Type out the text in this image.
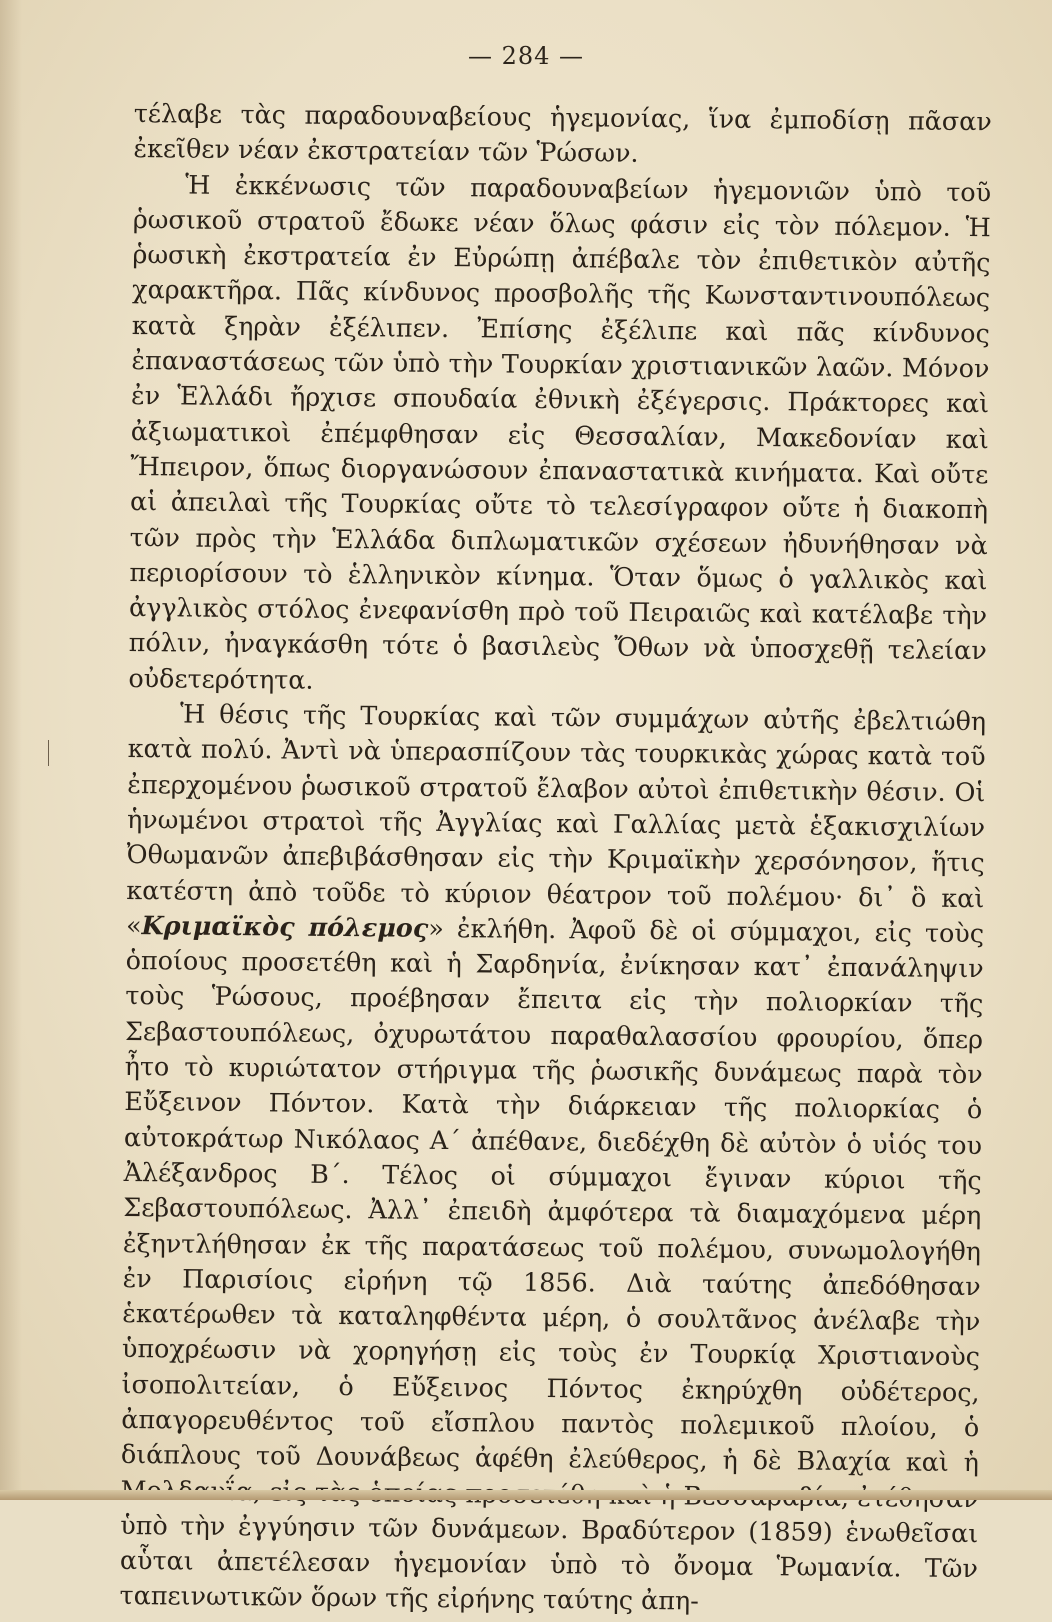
— 284 —

τέλαβε τὰς παραδουναβείους ἡγεμονίας, ἵνα ἐμποδίσῃ πᾶσαν ἐκεῖθεν νέαν ἐκστρατείαν τῶν Ῥώσων.

Ἡ ἐκκένωσις τῶν παραδουναβείων ἡγεμονιῶν ὑπὸ τοῦ ῥωσικοῦ στρατοῦ ἔδωκε νέαν ὅλως φάσιν εἰς τὸν πόλεμον. Ἡ ῥωσικὴ ἐκστρατεία ἐν Εὐρώπῃ ἀπέβαλε τὸν ἐπιθετικὸν αὐτῆς χαρακτῆρα. Πᾶς κίνδυνος προσβολῆς τῆς Κωνσταντινουπόλεως κατὰ ξηρὰν ἐξέλιπεν. Ἐπίσης ἐξέλιπε καὶ πᾶς κίνδυνος ἐπαναστάσεως τῶν ὑπὸ τὴν Τουρκίαν χριστιανικῶν λαῶν. Μόνον ἐν Ἑλλάδι ἤρχισε σπουδαία ἐθνικὴ ἐξέγερσις. Πράκτορες καὶ ἀξιωματικοὶ ἐπέμφθησαν εἰς Θεσσαλίαν, Μακεδονίαν καὶ Ἤπειρον, ὅπως διοργανώσουν ἐπαναστατικὰ κινήματα. Καὶ οὔτε αἱ ἀπειλαὶ τῆς Τουρκίας οὔτε τὸ τελεσίγραφον οὔτε ἡ διακοπὴ τῶν πρὸς τὴν Ἑλλάδα διπλωματικῶν σχέσεων ἠδυνήθησαν νὰ περιορίσουν τὸ ἑλληνικὸν κίνημα. Ὅταν ὅμως ὁ γαλλικὸς καὶ ἀγγλικὸς στόλος ἐνεφανίσθη πρὸ τοῦ Πειραιῶς καὶ κατέλαβε τὴν πόλιν, ἠναγκάσθη τότε ὁ βασιλεὺς Ὄθων νὰ ὑποσχεθῇ τελείαν οὐδετερότητα.

Ἡ θέσις τῆς Τουρκίας καὶ τῶν συμμάχων αὐτῆς ἐβελτιώθη κατὰ πολύ. Ἀντὶ νὰ ὑπερασπίζουν τὰς τουρκικὰς χώρας κατὰ τοῦ ἐπερχομένου ῥωσικοῦ στρατοῦ ἔλαβον αὐτοὶ ἐπιθετικὴν θέσιν. Οἱ ἡνωμένοι στρατοὶ τῆς Ἀγγλίας καὶ Γαλλίας μετὰ ἑξακισχιλίων Ὀθωμανῶν ἀπεβιβάσθησαν εἰς τὴν Κριμαϊκὴν χερσόνησον, ἥτις κατέστη ἀπὸ τοῦδε τὸ κύριον θέατρον τοῦ πολέμου· δι᾽ ὃ καὶ «Κριμαϊκὸς πόλεμος» ἐκλήθη. Ἀφοῦ δὲ οἱ σύμμαχοι, εἰς τοὺς ὁποίους προσετέθη καὶ ἡ Σαρδηνία, ἐνίκησαν κατ᾽ ἐπανάληψιν τοὺς Ῥώσους, προέβησαν ἔπειτα εἰς τὴν πολιορκίαν τῆς Σεβαστουπόλεως, ὀχυρωτάτου παραθαλασσίου φρουρίου, ὅπερ ἦτο τὸ κυριώτατον στήριγμα τῆς ῥωσικῆς δυνάμεως παρὰ τὸν Εὔξεινον Πόντον. Κατὰ τὴν διάρκειαν τῆς πολιορκίας ὁ αὐτοκράτωρ Νικόλαος Α΄ ἀπέθανε, διεδέχθη δὲ αὐτὸν ὁ υἱός του Ἀλέξανδρος Β΄. Τέλος οἱ σύμμαχοι ἔγιναν κύριοι τῆς Σεβαστουπόλεως. Ἀλλ᾽ ἐπειδὴ ἀμφότερα τὰ διαμαχόμενα μέρη ἐξηντλήθησαν ἐκ τῆς παρατάσεως τοῦ πολέμου, συνωμολογήθη ἐν Παρισίοις εἰρήνη τῷ 1856. Διὰ ταύτης ἀπεδόθησαν ἑκατέρωθεν τὰ καταληφθέντα μέρη, ὁ σουλτᾶνος ἀνέλαβε τὴν ὑποχρέωσιν νὰ χορηγήσῃ εἰς τοὺς ἐν Τουρκίᾳ Χριστιανοὺς ἰσοπολιτείαν, ὁ Εὔξεινος Πόντος ἐκηρύχθη οὐδέτερος, ἀπαγορευθέντος τοῦ εἴσπλου παντὸς πολεμικοῦ πλοίου, ὁ διάπλους τοῦ Δουνάβεως ἀφέθη ἐλεύθερος, ἡ δὲ Βλαχία καὶ ἡ ὑπὸ τὴν ἐγγύησιν τῶν δυνάμεων. Βραδύτερον (1859) ἑνωθεῖσαι αὗται ἀπετέλεσαν ἡγεμονίαν ὑπὸ τὸ ὄνομα Ῥωμανία. Τῶν ταπεινωτικῶν ὅρων τῆς εἰρήνης ταύτης ἀπη-
